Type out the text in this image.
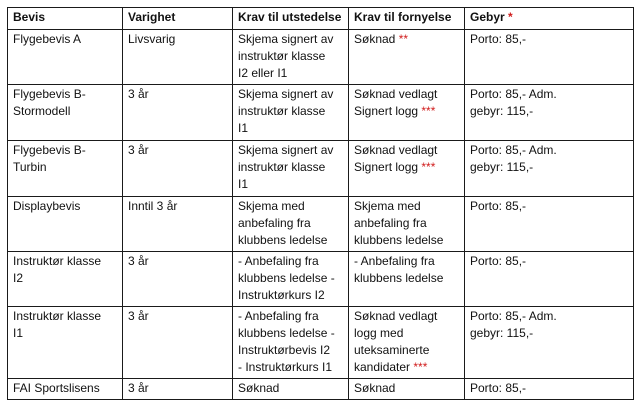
Bevis	Varighet	Krav til utstedelse	Krav til fornyelse	Gebyr *

Flygebevis A	Livsvarig	Skjema signert av
instruktør klasse
I2 eller I1	Søknad **	Porto: 85,-

Flygebevis B-
Stormodell	3 år	Skjema signert av
instruktør klasse
I1	Søknad vedlagt
Signert logg ***	Porto: 85,- Adm.
gebyr: 115,-

Flygebevis B-
Turbin	3 år	Skjema signert av
instruktør klasse
I1	Søknad vedlagt
Signert logg ***	Porto: 85,- Adm.
gebyr: 115,-

Displaybevis	Inntil 3 år	Skjema med
anbefaling fra
klubbens ledelse	Skjema med
anbefaling fra
klubbens ledelse	Porto: 85,-

Instruktør klasse
I2	3 år	- Anbefaling fra
klubbens ledelse -
Instruktørkurs I2	- Anbefaling fra
klubbens ledelse	Porto: 85,-

Instruktør klasse
I1	3 år	- Anbefaling fra
klubbens ledelse -
Instruktørbevis I2
- Instruktørkurs I1	Søknad vedlagt
logg med
uteksaminerte
kandidater ***	Porto: 85,- Adm.
gebyr: 115,-

FAI Sportslisens	3 år	Søknad	Søknad	Porto: 85,-
